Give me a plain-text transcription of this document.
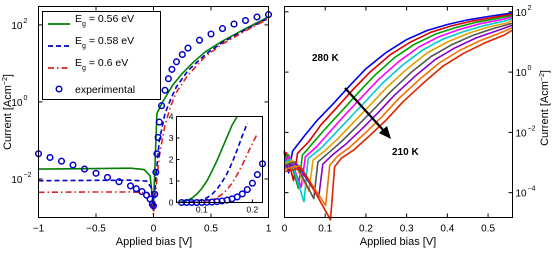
−1	−0.5	0	0.5	1
10 −2
10 0
10 2
0.1	0.2
0
1
2
3
4
$E_g = 0.56$ eV
$E_g = 0.58$ eV
$E_g = 0.6$ eV
experimental
Applied bias [V]
Current [Acm$^{-2}$]
0	0.1	0.2	0.3	0.4	0.5
10 −4
10 −2
10 0
10 2
280 K
210 K
Applied bias [V]
Current [Acm$^{-2}$]
